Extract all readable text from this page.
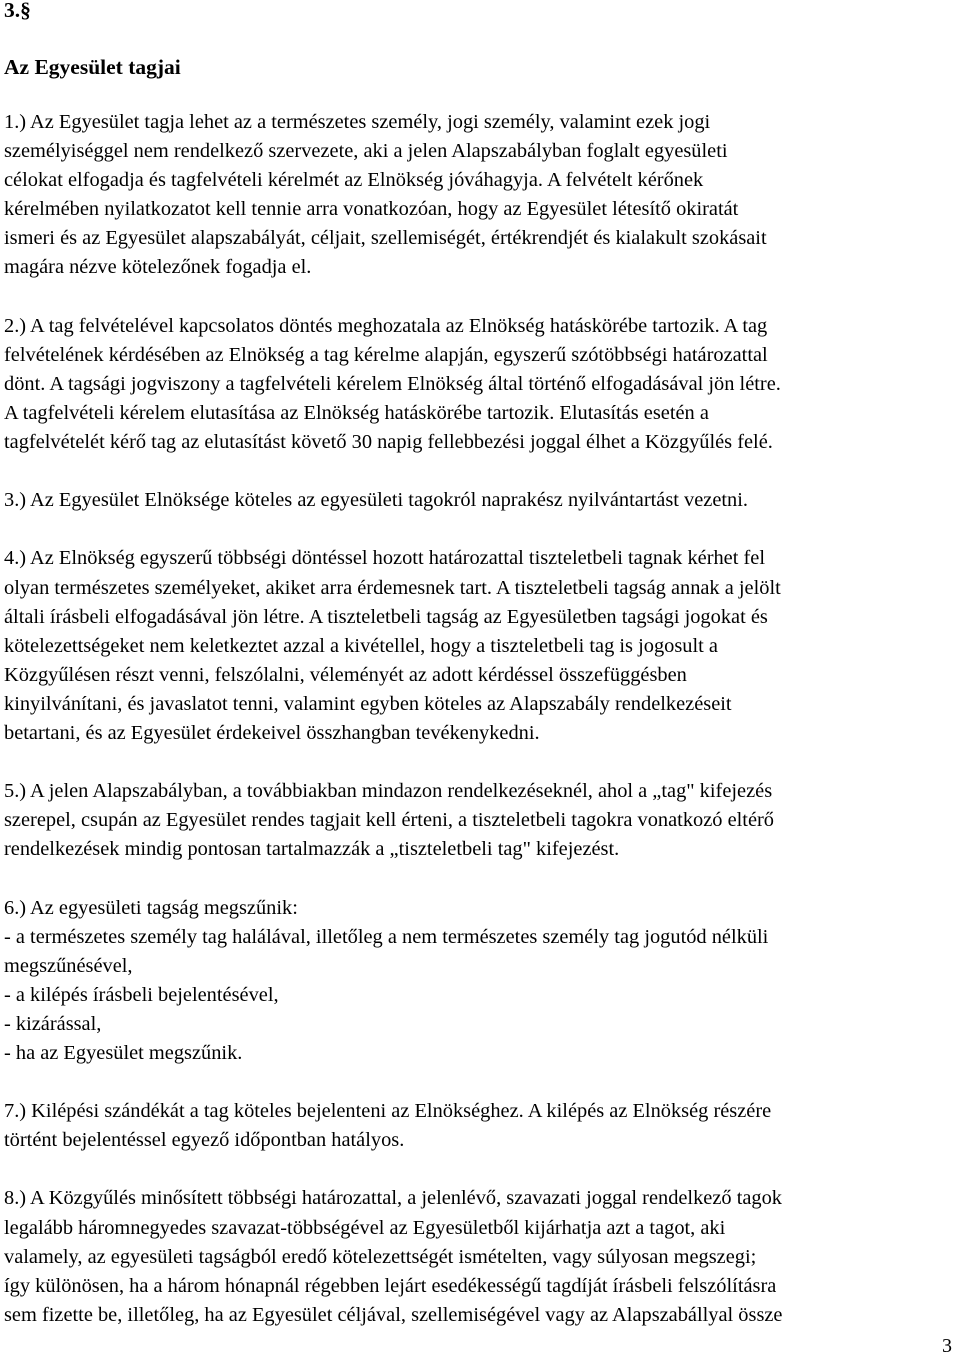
3.§
Az Egyesület tagjai

1.) Az Egyesület tagja lehet az a természetes személy, jogi személy, valamint ezek jogi
személyiséggel nem rendelkező szervezete, aki a jelen Alapszabályban foglalt egyesületi
célokat elfogadja és tagfelvételi kérelmét az Elnökség jóváhagyja. A felvételt kérőnek
kérelmében nyilatkozatot kell tennie arra vonatkozóan, hogy az Egyesület létesítő okiratát
ismeri és az Egyesület alapszabályát, céljait, szellemiségét, értékrendjét és kialakult szokásait
magára nézve kötelezőnek fogadja el.

2.) A tag felvételével kapcsolatos döntés meghozatala az Elnökség hatáskörébe tartozik. A tag
felvételének kérdésében az Elnökség a tag kérelme alapján, egyszerű szótöbbségi határozattal
dönt. A tagsági jogviszony a tagfelvételi kérelem Elnökség által történő elfogadásával jön létre.
A tagfelvételi kérelem elutasítása az Elnökség hatáskörébe tartozik. Elutasítás esetén a
tagfelvételét kérő tag az elutasítást követő 30 napig fellebbezési joggal élhet a Közgyűlés felé.

3.) Az Egyesület Elnöksége köteles az egyesületi tagokról naprakész nyilvántartást vezetni.

4.) Az Elnökség egyszerű többségi döntéssel hozott határozattal tiszteletbeli tagnak kérhet fel
olyan természetes személyeket, akiket arra érdemesnek tart. A tiszteletbeli tagság annak a jelölt
általi írásbeli elfogadásával jön létre. A tiszteletbeli tagság az Egyesületben tagsági jogokat és
kötelezettségeket nem keletkeztet azzal a kivétellel, hogy a tiszteletbeli tag is jogosult a
Közgyűlésen részt venni, felszólalni, véleményét az adott kérdéssel összefüggésben
kinyilvánítani, és javaslatot tenni, valamint egyben köteles az Alapszabály rendelkezéseit
betartani, és az Egyesület érdekeivel összhangban tevékenykedni.

5.) A jelen Alapszabályban, a továbbiakban mindazon rendelkezéseknél, ahol a „tag" kifejezés
szerepel, csupán az Egyesület rendes tagjait kell érteni, a tiszteletbeli tagokra vonatkozó eltérő
rendelkezések mindig pontosan tartalmazzák a „tiszteletbeli tag" kifejezést.

6.) Az egyesületi tagság megszűnik:
- a természetes személy tag halálával, illetőleg a nem természetes személy tag jogutód nélküli
megszűnésével,
- a kilépés írásbeli bejelentésével,
- kizárással,
- ha az Egyesület megszűnik.

7.) Kilépési szándékát a tag köteles bejelenteni az Elnökséghez. A kilépés az Elnökség részére
történt bejelentéssel egyező időpontban hatályos.

8.) A Közgyűlés minősített többségi határozattal, a jelenlévő, szavazati joggal rendelkező tagok
legalább háromnegyedes szavazat-többségével az Egyesületből kijárhatja azt a tagot, aki
valamely, az egyesületi tagságból eredő kötelezettségét ismételten, vagy súlyosan megszegi;
így különösen, ha a három hónapnál régebben lejárt esedékességű tagdíját írásbeli felszólításra
sem fizette be, illetőleg, ha az Egyesület céljával, szellemiségével vagy az Alapszabállyal össze

3
